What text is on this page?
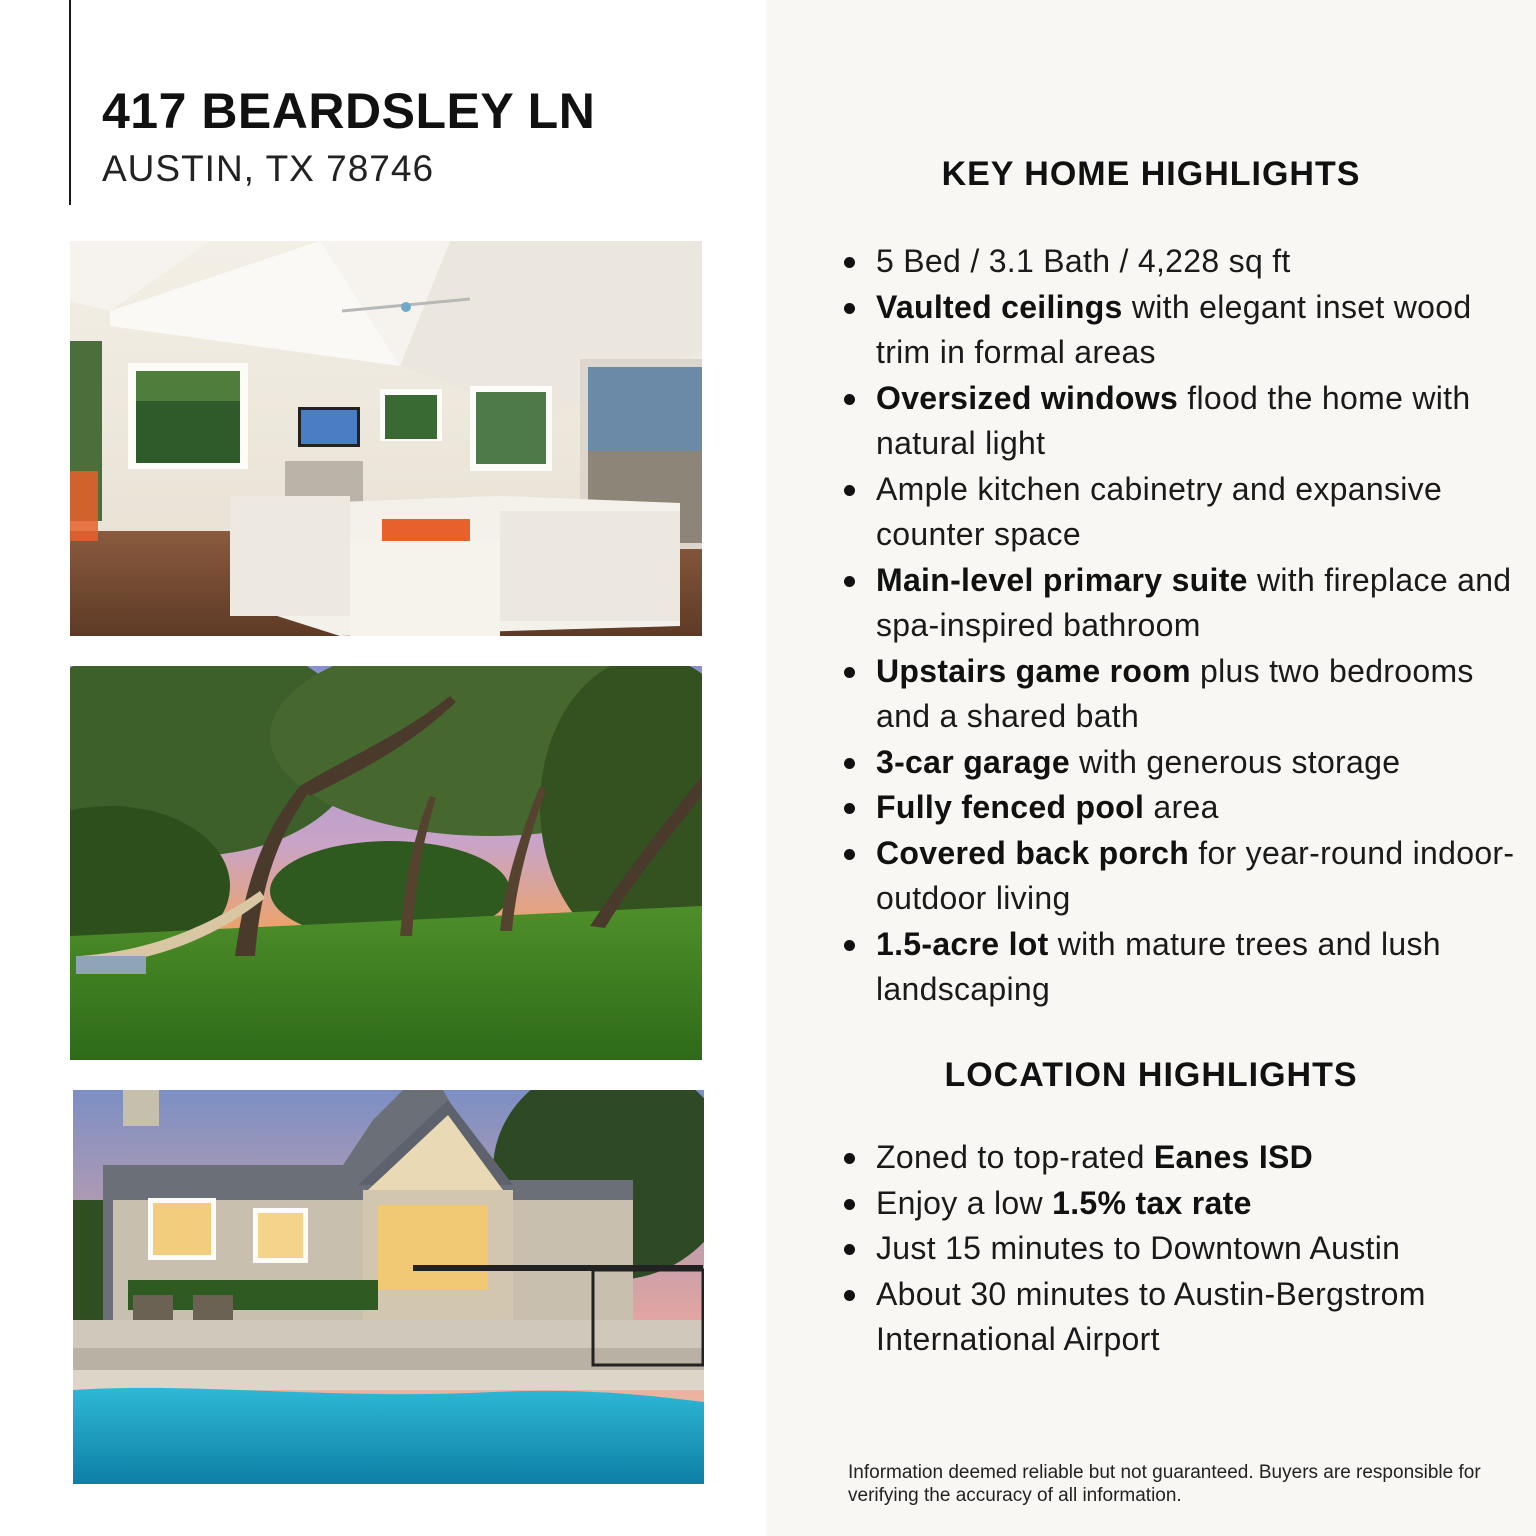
417 BEARDSLEY LN
AUSTIN, TX 78746	KEY HOME HIGHLIGHTS
5 Bed / 3.1 Bath / 4,228 sq ft
Vaulted ceilings with elegant inset wood trim in formal areas
Oversized windows flood the home with natural light
Ample kitchen cabinetry and expansive counter space
Main-level primary suite with fireplace and spa-inspired bathroom
Upstairs game room plus two bedrooms and a shared bath
3-car garage with generous storage
Fully fenced pool area
Covered back porch for year-round indoor-outdoor living
1.5-acre lot with mature trees and lush landscaping
LOCATION HIGHLIGHTS
Zoned to top-rated Eanes ISD
Enjoy a low 1.5% tax rate
Just 15 minutes to Downtown Austin
About 30 minutes to Austin-Bergstrom International Airport
Information deemed reliable but not guaranteed. Buyers are responsible for verifying the accuracy of all information.
